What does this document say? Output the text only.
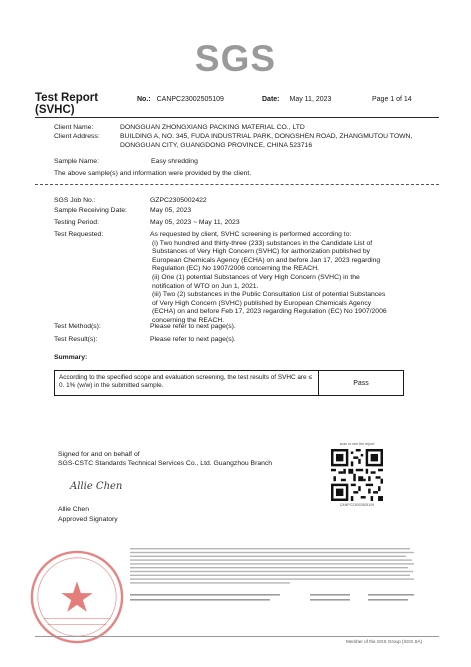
SGS
Test Report (SVHC)
No.: CANPC23002505109	Date: May 11, 2023	Page 1 of 14
Client Name:	DONGGUAN ZHONGXIANG PACKING MATERIAL CO., LTD
Client Address:	BUILDING A, NO. 345, FUDA INDUSTRIAL PARK, DONGSHEN ROAD, ZHANGMUTOU TOWN, DONGGUAN CITY, GUANGDONG PROVINCE, CHINA 523716
Sample Name:	Easy shredding
The above sample(s) and information were provided by the client.
SGS Job No.:	GZPC2305002422
Sample Receiving Date:	May 05, 2023
Testing Period:	May 05, 2023 ~ May 11, 2023
Test Requested:	As requested by client, SVHC screening is performed according to:
(i) Two hundred and thirty-three (233) substances in the Candidate List of Substances of Very High Concern (SVHC) for authorization published by European Chemicals Agency (ECHA) on and before Jan 17, 2023 regarding Regulation (EC) No 1907/2006 concerning the REACH.
(ii) One (1) potential Substances of Very High Concern (SVHC) in the notification of WTO on Jun 1, 2021.
(iii) Two (2) substances in the Public Consultation List of potential Substances of Very High Concern (SVHC) published by European Chemicals Agency (ECHA) on and before Feb 17, 2023 regarding Regulation (EC) No 1907/2006 concerning the REACH.
Test Method(s):	Please refer to next page(s).
Test Result(s):	Please refer to next page(s).
Summary:
According to the specified scope and evaluation screening, the test results of SVHC are ≤ 0. 1% (w/w) in the submitted sample.	Pass
Signed for and on behalf of
SGS-CSTC Standards Technical Services Co., Ltd. Guangzhou Branch
Allie Chen
Allie Chen
Approved Signatory
scan to see the report
CANPC23002505109
Member of the SGS Group (SGS SA)
